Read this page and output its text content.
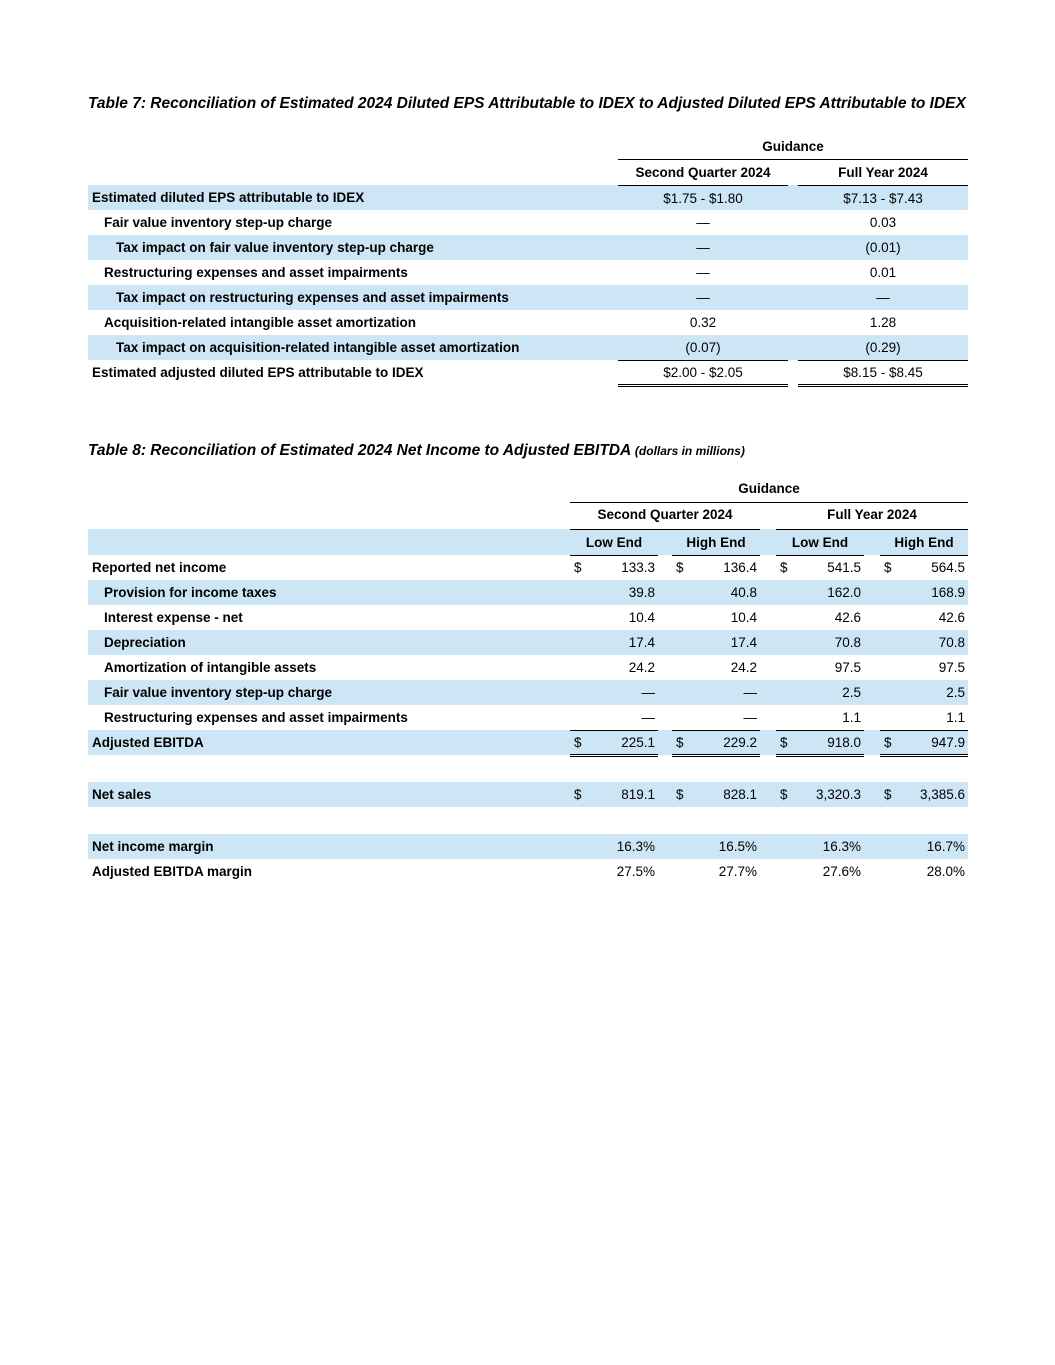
Table 7: Reconciliation of Estimated 2024 Diluted EPS Attributable to IDEX to Adjusted Diluted EPS Attributable to IDEX
		Guidance		
		Second Quarter 2024		Full Year 2024
Estimated diluted EPS attributable to IDEX		$1.75 - $1.80		$7.13 - $7.43
Fair value inventory step-up charge		—		0.03
Tax impact on fair value inventory step-up charge		—		(0.01)
Restructuring expenses and asset impairments		—		0.01
Tax impact on restructuring expenses and asset impairments		—		—
Acquisition-related intangible asset amortization		0.32		1.28
Tax impact on acquisition-related intangible asset amortization		(0.07)		(0.29)
Estimated adjusted diluted EPS attributable to IDEX		$2.00 - $2.05		$8.15 - $8.45
Table 8: Reconciliation of Estimated 2024 Net Income to Adjusted EBITDA (dollars in millions)
		Guidance						
		Second Quarter 2024				Full Year 2024		
		Low End		High End		Low End		High End
Reported net income		$ 133.3		$ 136.4		$ 541.5		$ 564.5

Provision for income taxes		39.8		40.8		162.0		168.9

Interest expense - net		10.4		10.4		42.6		42.6

Depreciation		17.4		17.4		70.8		70.8

Amortization of intangible assets		24.2		24.2		97.5		97.5

Fair value inventory step-up charge		—		—		2.5		2.5

Restructuring expenses and asset impairments		—		—		1.1		1.1

Adjusted EBITDA		$ 225.1		$ 229.2		$ 918.0		$ 947.9

Net sales		$ 819.1		$ 828.1		$ 3,320.3		$ 3,385.6

Net income margin		16.3%		16.5%		16.3%		16.7%

Adjusted EBITDA margin		27.5%		27.7%		27.6%		28.0%
